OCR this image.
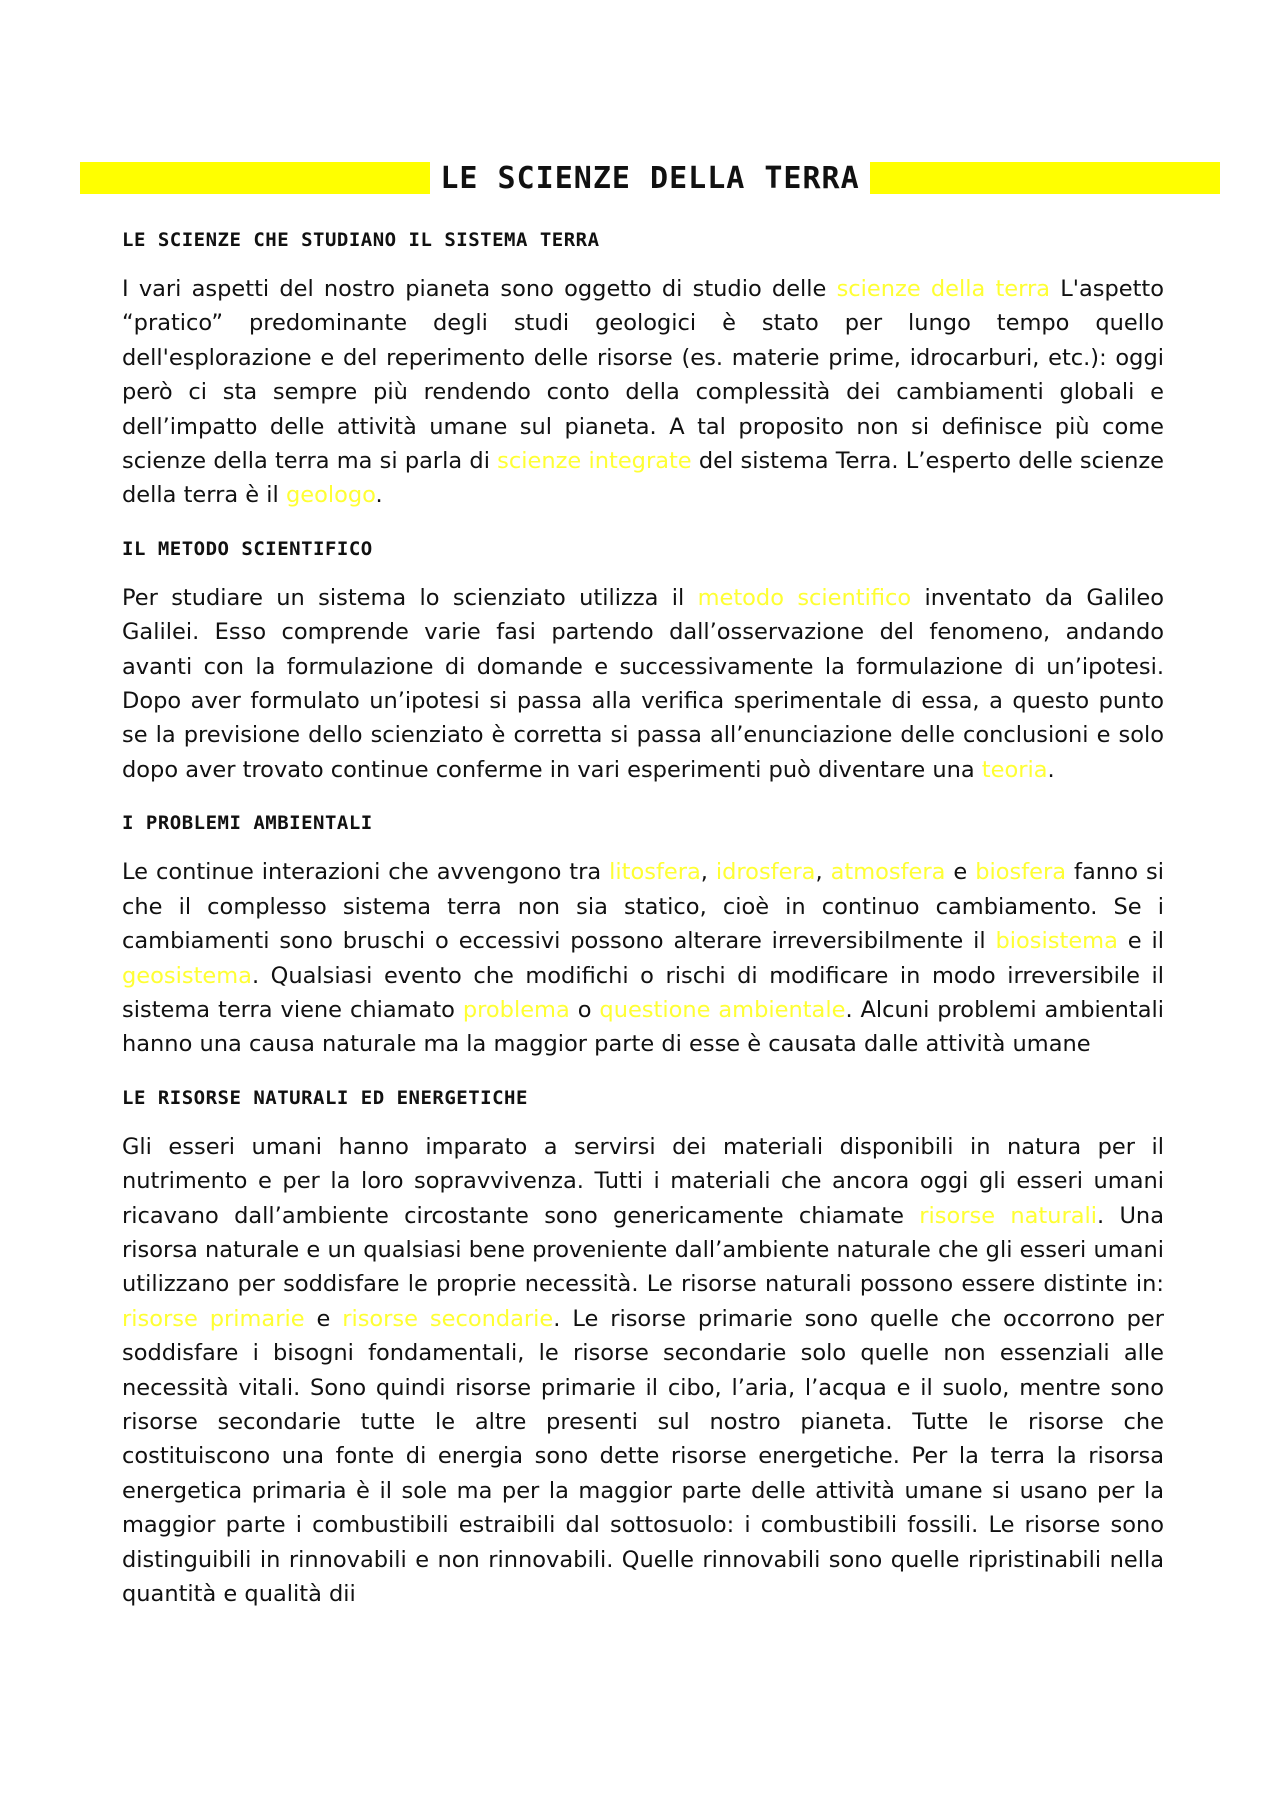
LE SCIENZE DELLA TERRA
LE SCIENZE CHE STUDIANO IL SISTEMA TERRA
I vari aspetti del nostro pianeta sono oggetto di studio delle scienze della terra L'aspetto “pratico” predominante degli studi geologici è stato per lungo tempo quello dell'esplorazione e del reperimento delle risorse (es. materie prime, idrocarburi, etc.): oggi però ci sta sempre più rendendo conto della complessità dei cambiamenti globali e dell’impatto delle attività umane sul pianeta. A tal proposito non si definisce più come scienze della terra ma si parla di scienze integrate del sistema Terra. L’esperto delle scienze della terra è il geologo.
IL METODO SCIENTIFICO
Per studiare un sistema lo scienziato utilizza il metodo scientifico inventato da Galileo Galilei. Esso comprende varie fasi partendo dall’osservazione del fenomeno, andando avanti con la formulazione di domande e successivamente la formulazione di un’ipotesi. Dopo aver formulato un’ipotesi si passa alla verifica sperimentale di essa, a questo punto se la previsione dello scienziato è corretta si passa all’enunciazione delle conclusioni e solo dopo aver trovato continue conferme in vari esperimenti può diventare una teoria.
I PROBLEMI AMBIENTALI
Le continue interazioni che avvengono tra litosfera, idrosfera, atmosfera e biosfera fanno si che il complesso sistema terra non sia statico, cioè in continuo cambiamento. Se i cambiamenti sono bruschi o eccessivi possono alterare irreversibilmente il biosistema e il geosistema. Qualsiasi evento che modifichi o rischi di modificare in modo irreversibile il sistema terra viene chiamato problema o questione ambientale. Alcuni problemi ambientali hanno una causa naturale ma la maggior parte di esse è causata dalle attività umane
LE RISORSE NATURALI ED ENERGETICHE
Gli esseri umani hanno imparato a servirsi dei materiali disponibili in natura per il nutrimento e per la loro sopravvivenza. Tutti i materiali che ancora oggi gli esseri umani ricavano dall’ambiente circostante sono genericamente chiamate risorse naturali. Una risorsa naturale e un qualsiasi bene proveniente dall’ambiente naturale che gli esseri umani utilizzano per soddisfare le proprie necessità. Le risorse naturali possono essere distinte in: risorse primarie e risorse secondarie. Le risorse primarie sono quelle che occorrono per soddisfare i bisogni fondamentali, le risorse secondarie solo quelle non essenziali alle necessità vitali. Sono quindi risorse primarie il cibo, l’aria, l’acqua e il suolo, mentre sono risorse secondarie tutte le altre presenti sul nostro pianeta. Tutte le risorse che costituiscono una fonte di energia sono dette risorse energetiche. Per la terra la risorsa energetica primaria è il sole ma per la maggior parte delle attività umane si usano per la maggior parte i combustibili estraibili dal sottosuolo: i combustibili fossili. Le risorse sono distinguibili in rinnovabili e non rinnovabili. Quelle rinnovabili sono quelle ripristinabili nella quantità e qualità dii
